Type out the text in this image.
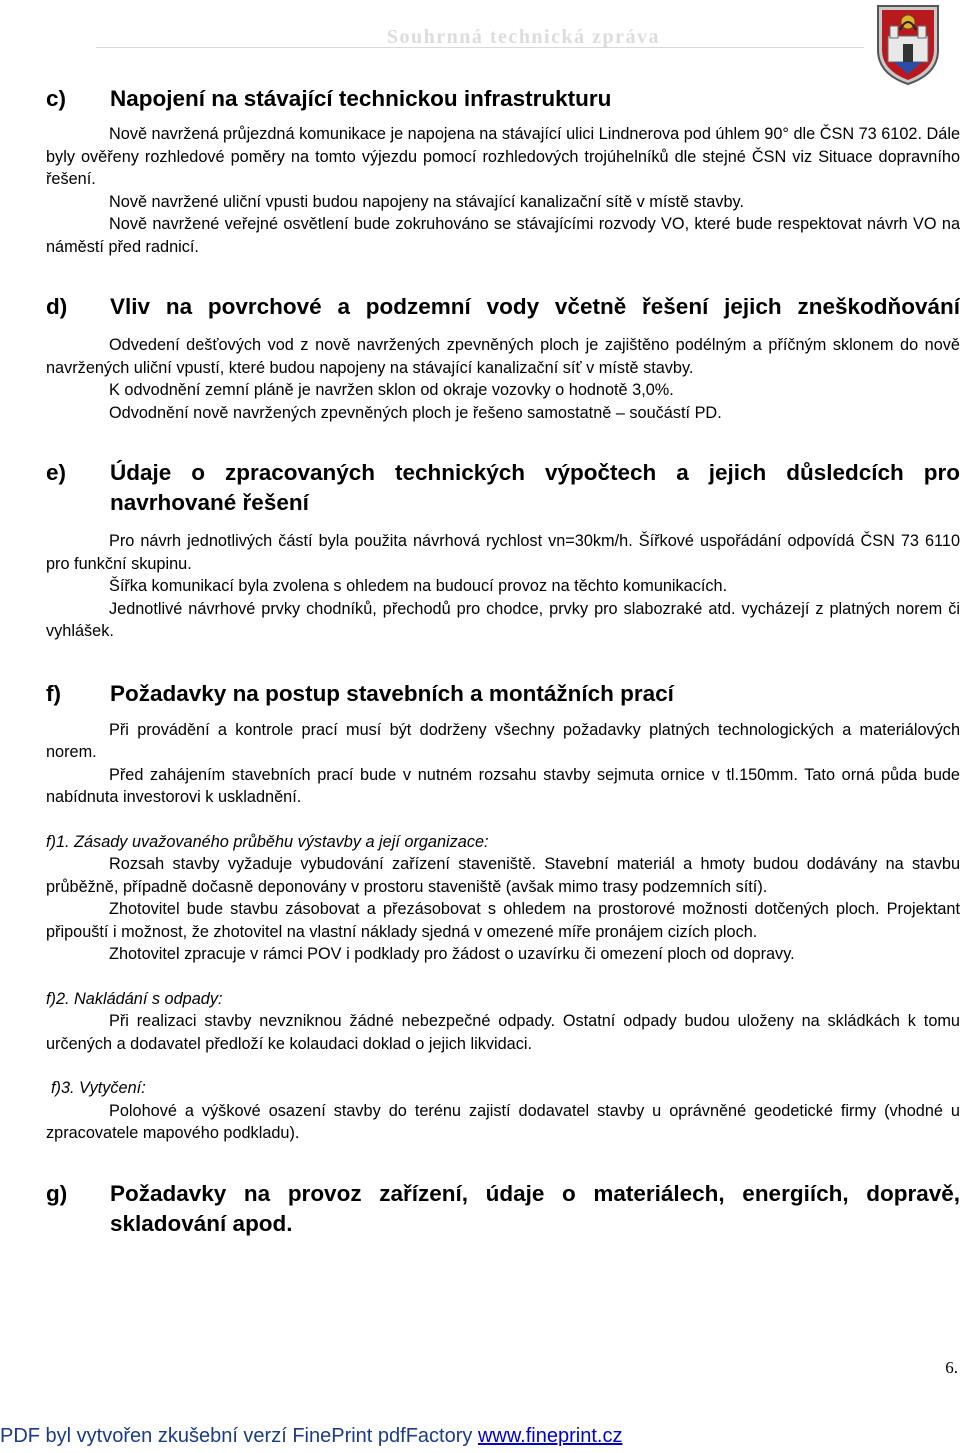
Souhrnná technická zpráva
c)	Napojení na stávající technickou infrastrukturu

Nově navržená průjezdná komunikace je napojena na stávající ulici Lindnerova pod úhlem 90° dle ČSN 73 6102. Dále byly ověřeny rozhledové poměry na tomto výjezdu pomocí rozhledových trojúhelníků dle stejné ČSN viz Situace dopravního řešení.

Nově navržené uliční vpusti budou napojeny na stávající kanalizační sítě v místě stavby.

Nově navržené veřejné osvětlení bude zokruhováno se stávajícími rozvody VO, které bude respektovat návrh VO na náměstí před radnicí.

d)	Vliv na povrchové a podzemní vody včetně řešení jejich zneškodňování

Odvedení dešťových vod z nově navržených zpevněných ploch je zajištěno podélným a příčným sklonem do nově navržených uliční vpustí, které budou napojeny na stávající kanalizační síť v místě stavby.

K odvodnění zemní pláně je navržen sklon od okraje vozovky o hodnotě 3,0%.

Odvodnění nově navržených zpevněných ploch je řešeno samostatně – součástí PD.

e)	Údaje o zpracovaných technických výpočtech a jejich důsledcích pro navrhované řešení

Pro návrh jednotlivých částí byla použita návrhová rychlost vn=30km/h. Šířkové uspořádání odpovídá ČSN 73 6110 pro funkční skupinu.

Šířka komunikací byla zvolena s ohledem na budoucí provoz na těchto komunikacích.

Jednotlivé návrhové prvky chodníků, přechodů pro chodce, prvky pro slabozraké atd. vycházejí z platných norem či vyhlášek.

f)	Požadavky na postup stavebních a montážních prací

Při provádění a kontrole prací musí být dodrženy všechny požadavky platných technologických a materiálových norem.

Před zahájením stavebních prací bude v nutném rozsahu stavby sejmuta ornice v tl.150mm. Tato orná půda bude nabídnuta investorovi k uskladnění.

f)1. Zásady uvažovaného průběhu výstavby a její organizace:

Rozsah stavby vyžaduje vybudování zařízení staveniště. Stavební materiál a hmoty budou dodávány na stavbu průběžně, případně dočasně deponovány v prostoru staveniště (avšak mimo trasy podzemních sítí).

Zhotovitel bude stavbu zásobovat a přezásobovat s ohledem na prostorové možnosti dotčených ploch. Projektant připouští i možnost, že zhotovitel na vlastní náklady sjedná v omezené míře pronájem cizích ploch.

Zhotovitel zpracuje v rámci POV i podklady pro žádost o uzavírku či omezení ploch od dopravy.

f)2. Nakládání s odpady:

Při realizaci stavby nevzniknou žádné nebezpečné odpady. Ostatní odpady budou uloženy na skládkách k tomu určených a dodavatel předloží ke kolaudaci doklad o jejich likvidaci.

f)3. Vytyčení:

Polohové a výškové osazení stavby do terénu zajistí dodavatel stavby u oprávněné geodetické firmy (vhodné u zpracovatele mapového podkladu).

g)	Požadavky na provoz zařízení, údaje o materiálech, energiích, dopravě, skladování apod.
6.
PDF byl vytvořen zkušební verzí FinePrint pdfFactory www.fineprint.cz
